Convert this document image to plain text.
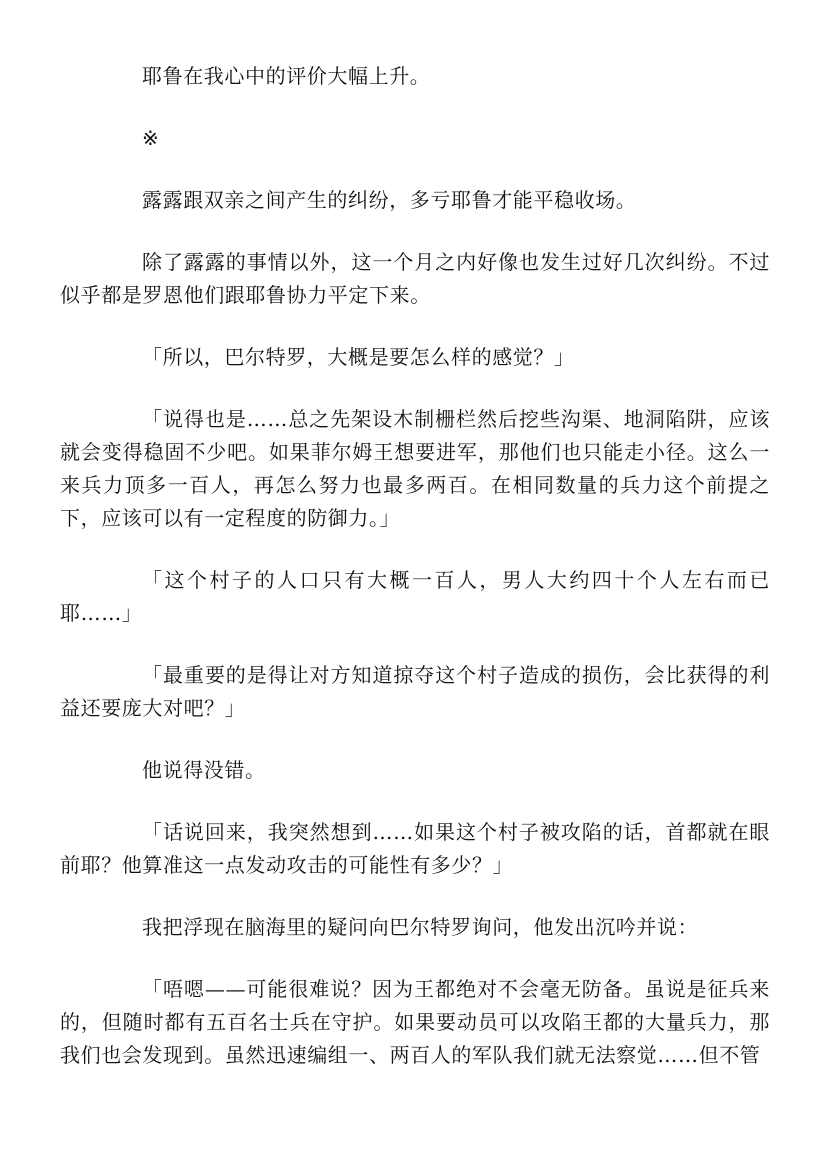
耶鲁在我心中的评价大幅上升。

※

露露跟双亲之间产生的纠纷，多亏耶鲁才能平稳收场。

除了露露的事情以外，这一个月之内好像也发生过好几次纠纷。不过似乎都是罗恩他们跟耶鲁协力平定下来。

「所以，巴尔特罗，大概是要怎么样的感觉？」

「说得也是……总之先架设木制栅栏然后挖些沟渠、地洞陷阱，应该就会变得稳固不少吧。如果菲尔姆王想要进军，那他们也只能走小径。这么一来兵力顶多一百人，再怎么努力也最多两百。在相同数量的兵力这个前提之下，应该可以有一定程度的防御力。」

「这个村子的人口只有大概一百人，男人大约四十个人左右而已耶……」

「最重要的是得让对方知道掠夺这个村子造成的损伤，会比获得的利益还要庞大对吧？」

他说得没错。

「话说回来，我突然想到……如果这个村子被攻陷的话，首都就在眼前耶？他算准这一点发动攻击的可能性有多少？」

我把浮现在脑海里的疑问向巴尔特罗询问，他发出沉吟并说：

「唔嗯——可能很难说？因为王都绝对不会毫无防备。虽说是征兵来的，但随时都有五百名士兵在守护。如果要动员可以攻陷王都的大量兵力，那我们也会发现到。虽然迅速编组一、两百人的军队我们就无法察觉……但不管
